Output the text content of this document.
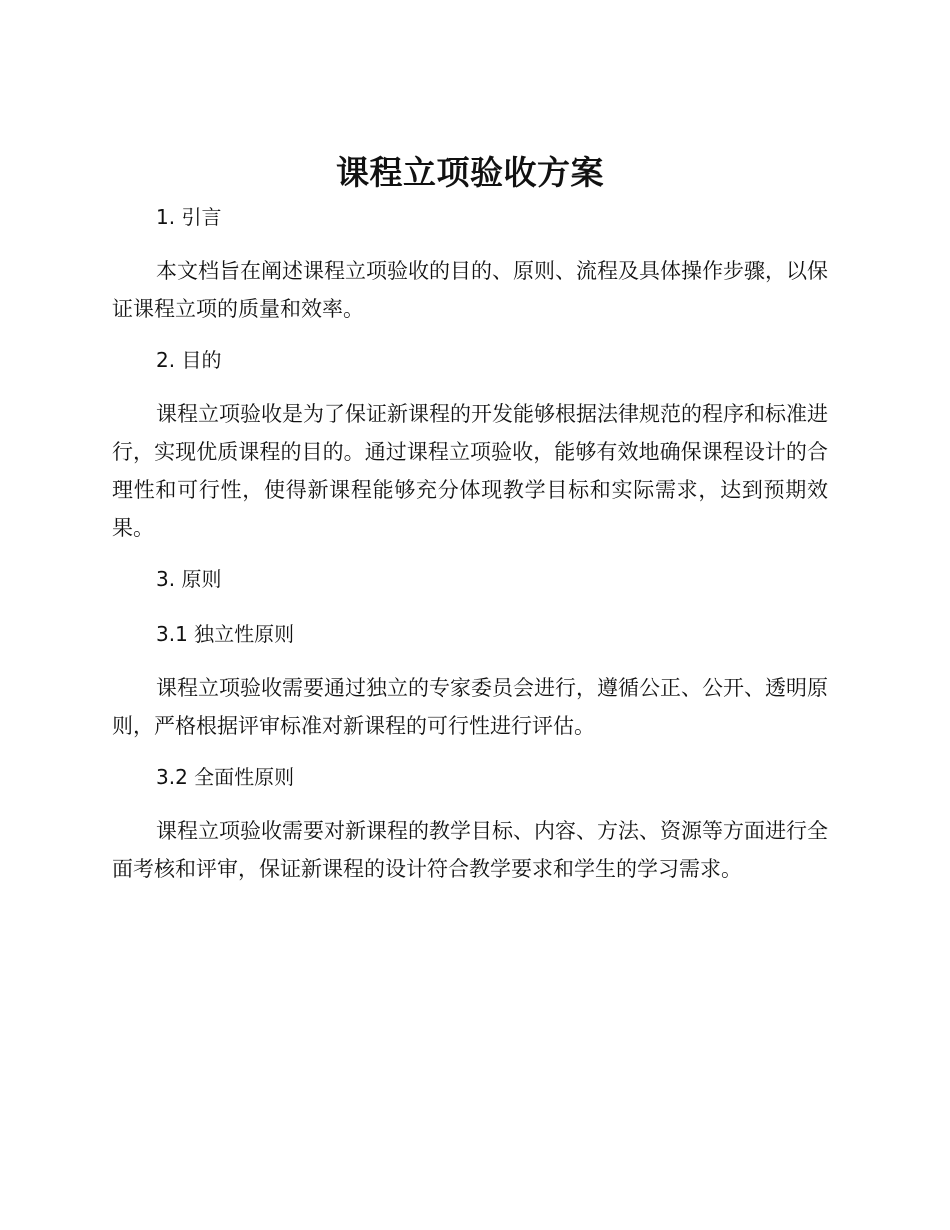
课程立项验收方案
1. 引言

本文档旨在阐述课程立项验收的目的、原则、流程及具体操作步骤，以保证课程立项的质量和效率。

2. 目的

课程立项验收是为了保证新课程的开发能够根据法律规范的程序和标准进行，实现优质课程的目的。通过课程立项验收，能够有效地确保课程设计的合理性和可行性，使得新课程能够充分体现教学目标和实际需求，达到预期效果。

3. 原则
3.1 独立性原则

课程立项验收需要通过独立的专家委员会进行，遵循公正、公开、透明原则，严格根据评审标准对新课程的可行性进行评估。

3.2 全面性原则

课程立项验收需要对新课程的教学目标、内容、方法、资源等方面进行全面考核和评审，保证新课程的设计符合教学要求和学生的学习需求。
